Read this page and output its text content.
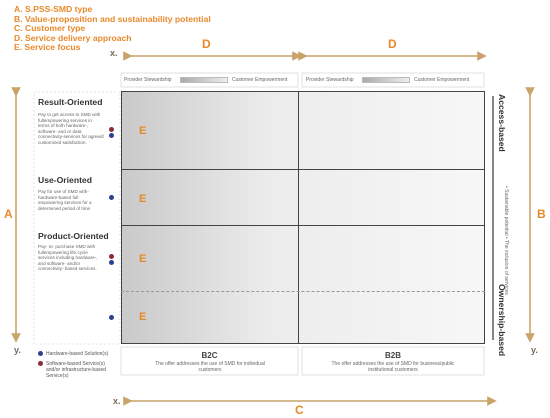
A. S.PSS-SMD type
B. Value-proposition and sustainability potential
C. Customer type
D. Service delivery approach
E. Service focus
x.
y.	y.
x.
D	D
A	B
C
Provider Stewardship	Customer Empowerment	Provider Stewardship	Customer Empowerment
Result-Oriented
Pay to get access to SMD with fullempowering services in terms of both hardware-, software- and or data connectivity-services for agreed/ customized satisfaction.
Use-Oriented
Pay for use of SMD with-hardware-based full empowering services for a determined period of time
Product-Oriented
Pay- to- purchase SMD with fullempowering life cycle services including hardware-, and software- and/or connectivity- based services.
E
E
E
E
Access-based
• Sustainable potential • The inclusion of services
Ownership-based
B2C
The offer addresses the use of SMD for individual customers
B2B
The offer addresses the use of SMD for business/public institutional customers
Hardware-based Solution(s)
Software-based Service(s) and/or infrastructure-based Service(s)
